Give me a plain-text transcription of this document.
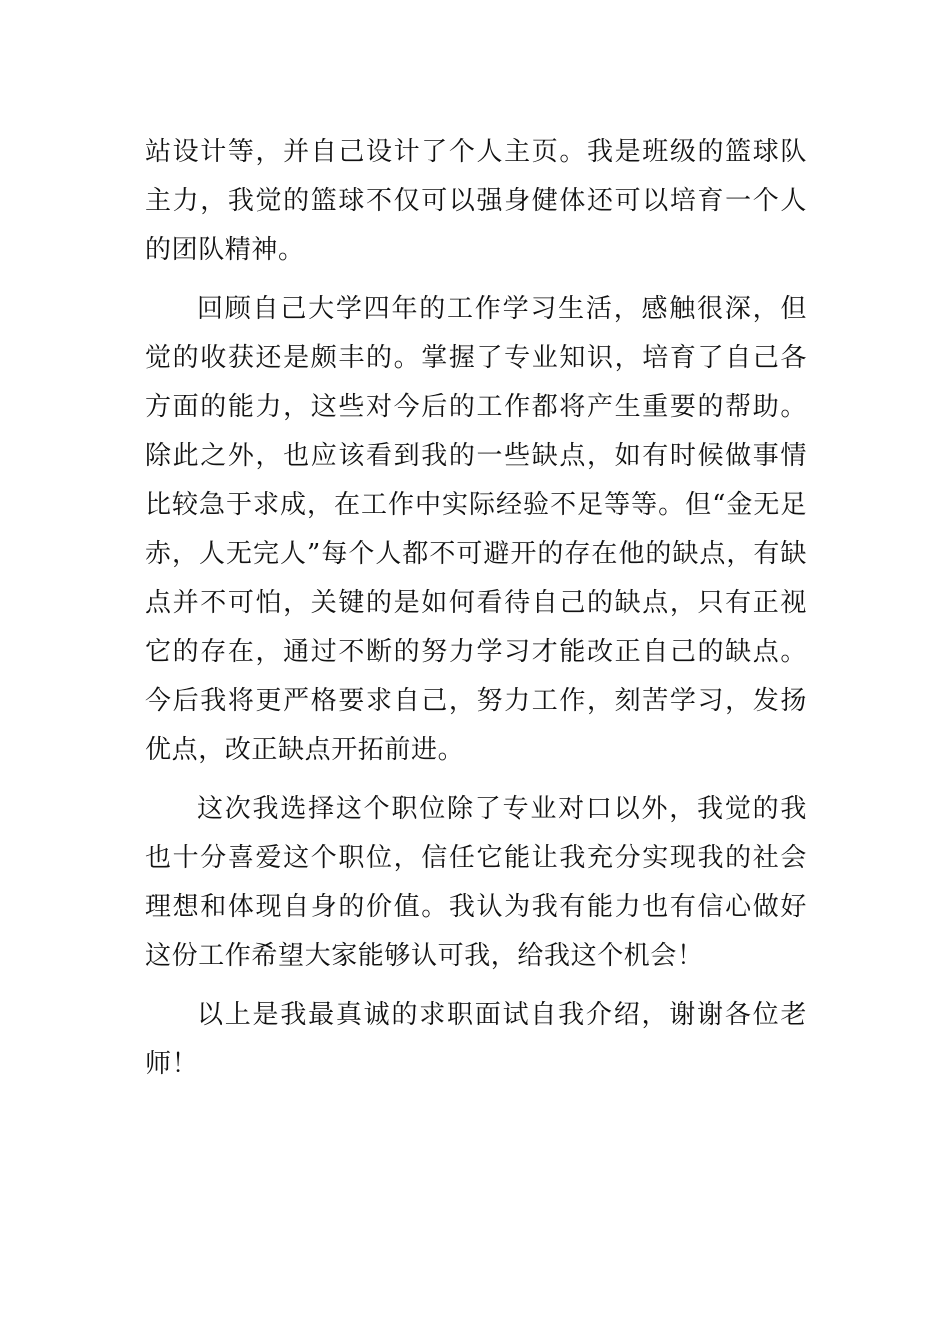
站设计等，并自己设计了个人主页。我是班级的篮球队主力，我觉的篮球不仅可以强身健体还可以培育一个人的团队精神。

回顾自己大学四年的工作学习生活，感触很深，但觉的收获还是颇丰的。掌握了专业知识，培育了自己各方面的能力，这些对今后的工作都将产生重要的帮助。除此之外，也应该看到我的一些缺点，如有时候做事情比较急于求成，在工作中实际经验不足等等。但“金无足赤，人无完人”每个人都不可避开的存在他的缺点，有缺点并不可怕，关键的是如何看待自己的缺点，只有正视它的存在，通过不断的努力学习才能改正自己的缺点。今后我将更严格要求自己，努力工作，刻苦学习，发扬优点，改正缺点开拓前进。

这次我选择这个职位除了专业对口以外，我觉的我也十分喜爱这个职位，信任它能让我充分实现我的社会理想和体现自身的价值。我认为我有能力也有信心做好这份工作希望大家能够认可我，给我这个机会！

以上是我最真诚的求职面试自我介绍，谢谢各位老师！
